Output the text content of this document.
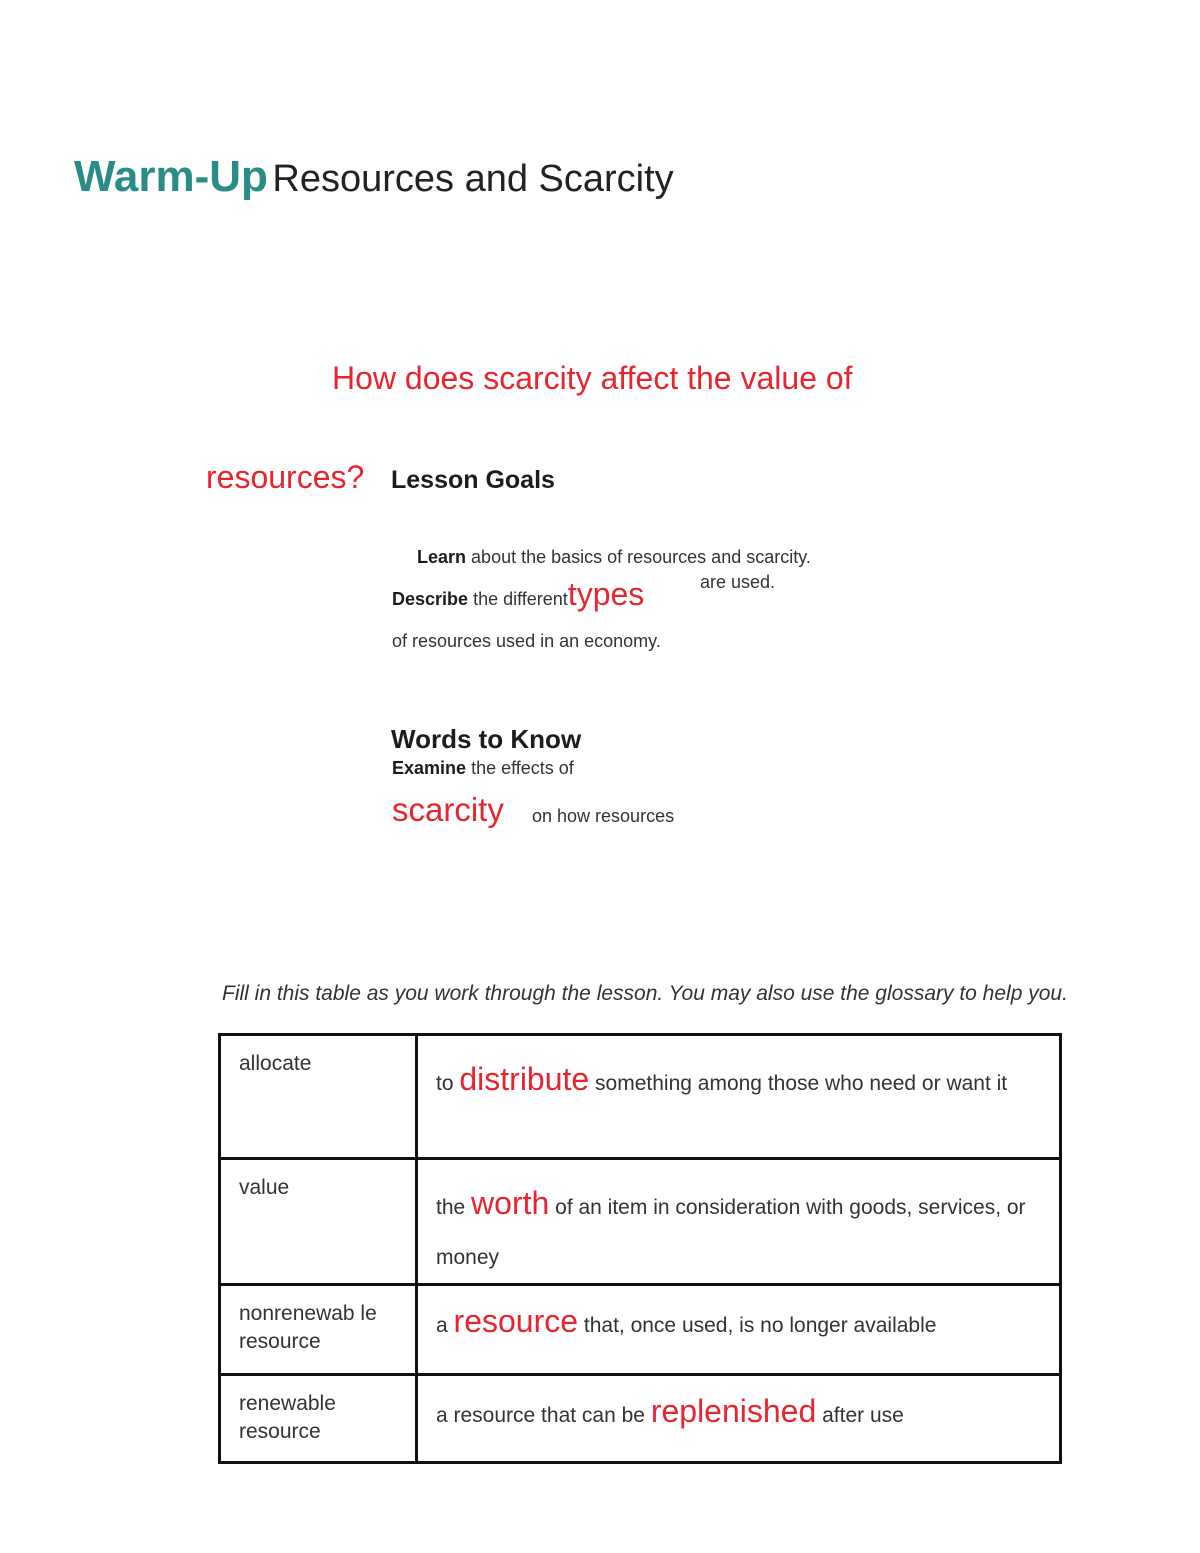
Warm-Up Resources and Scarcity
How does scarcity affect the value of
resources? Lesson Goals
Learn about the basics of resources and scarcity.
Describe the differenttypes	are used.
of resources used in an economy.
Words to Know
Examine the effects of
scarcity on how resources
Fill in this table as you work through the lesson. You may also use the glossary to help you.
allocate	to distribute something among those who need or want it
value	the worth of an item in consideration with goods, services, or money
nonrenewab le resource	a resource that, once used, is no longer available
renewable resource	a resource that can be replenished after use
